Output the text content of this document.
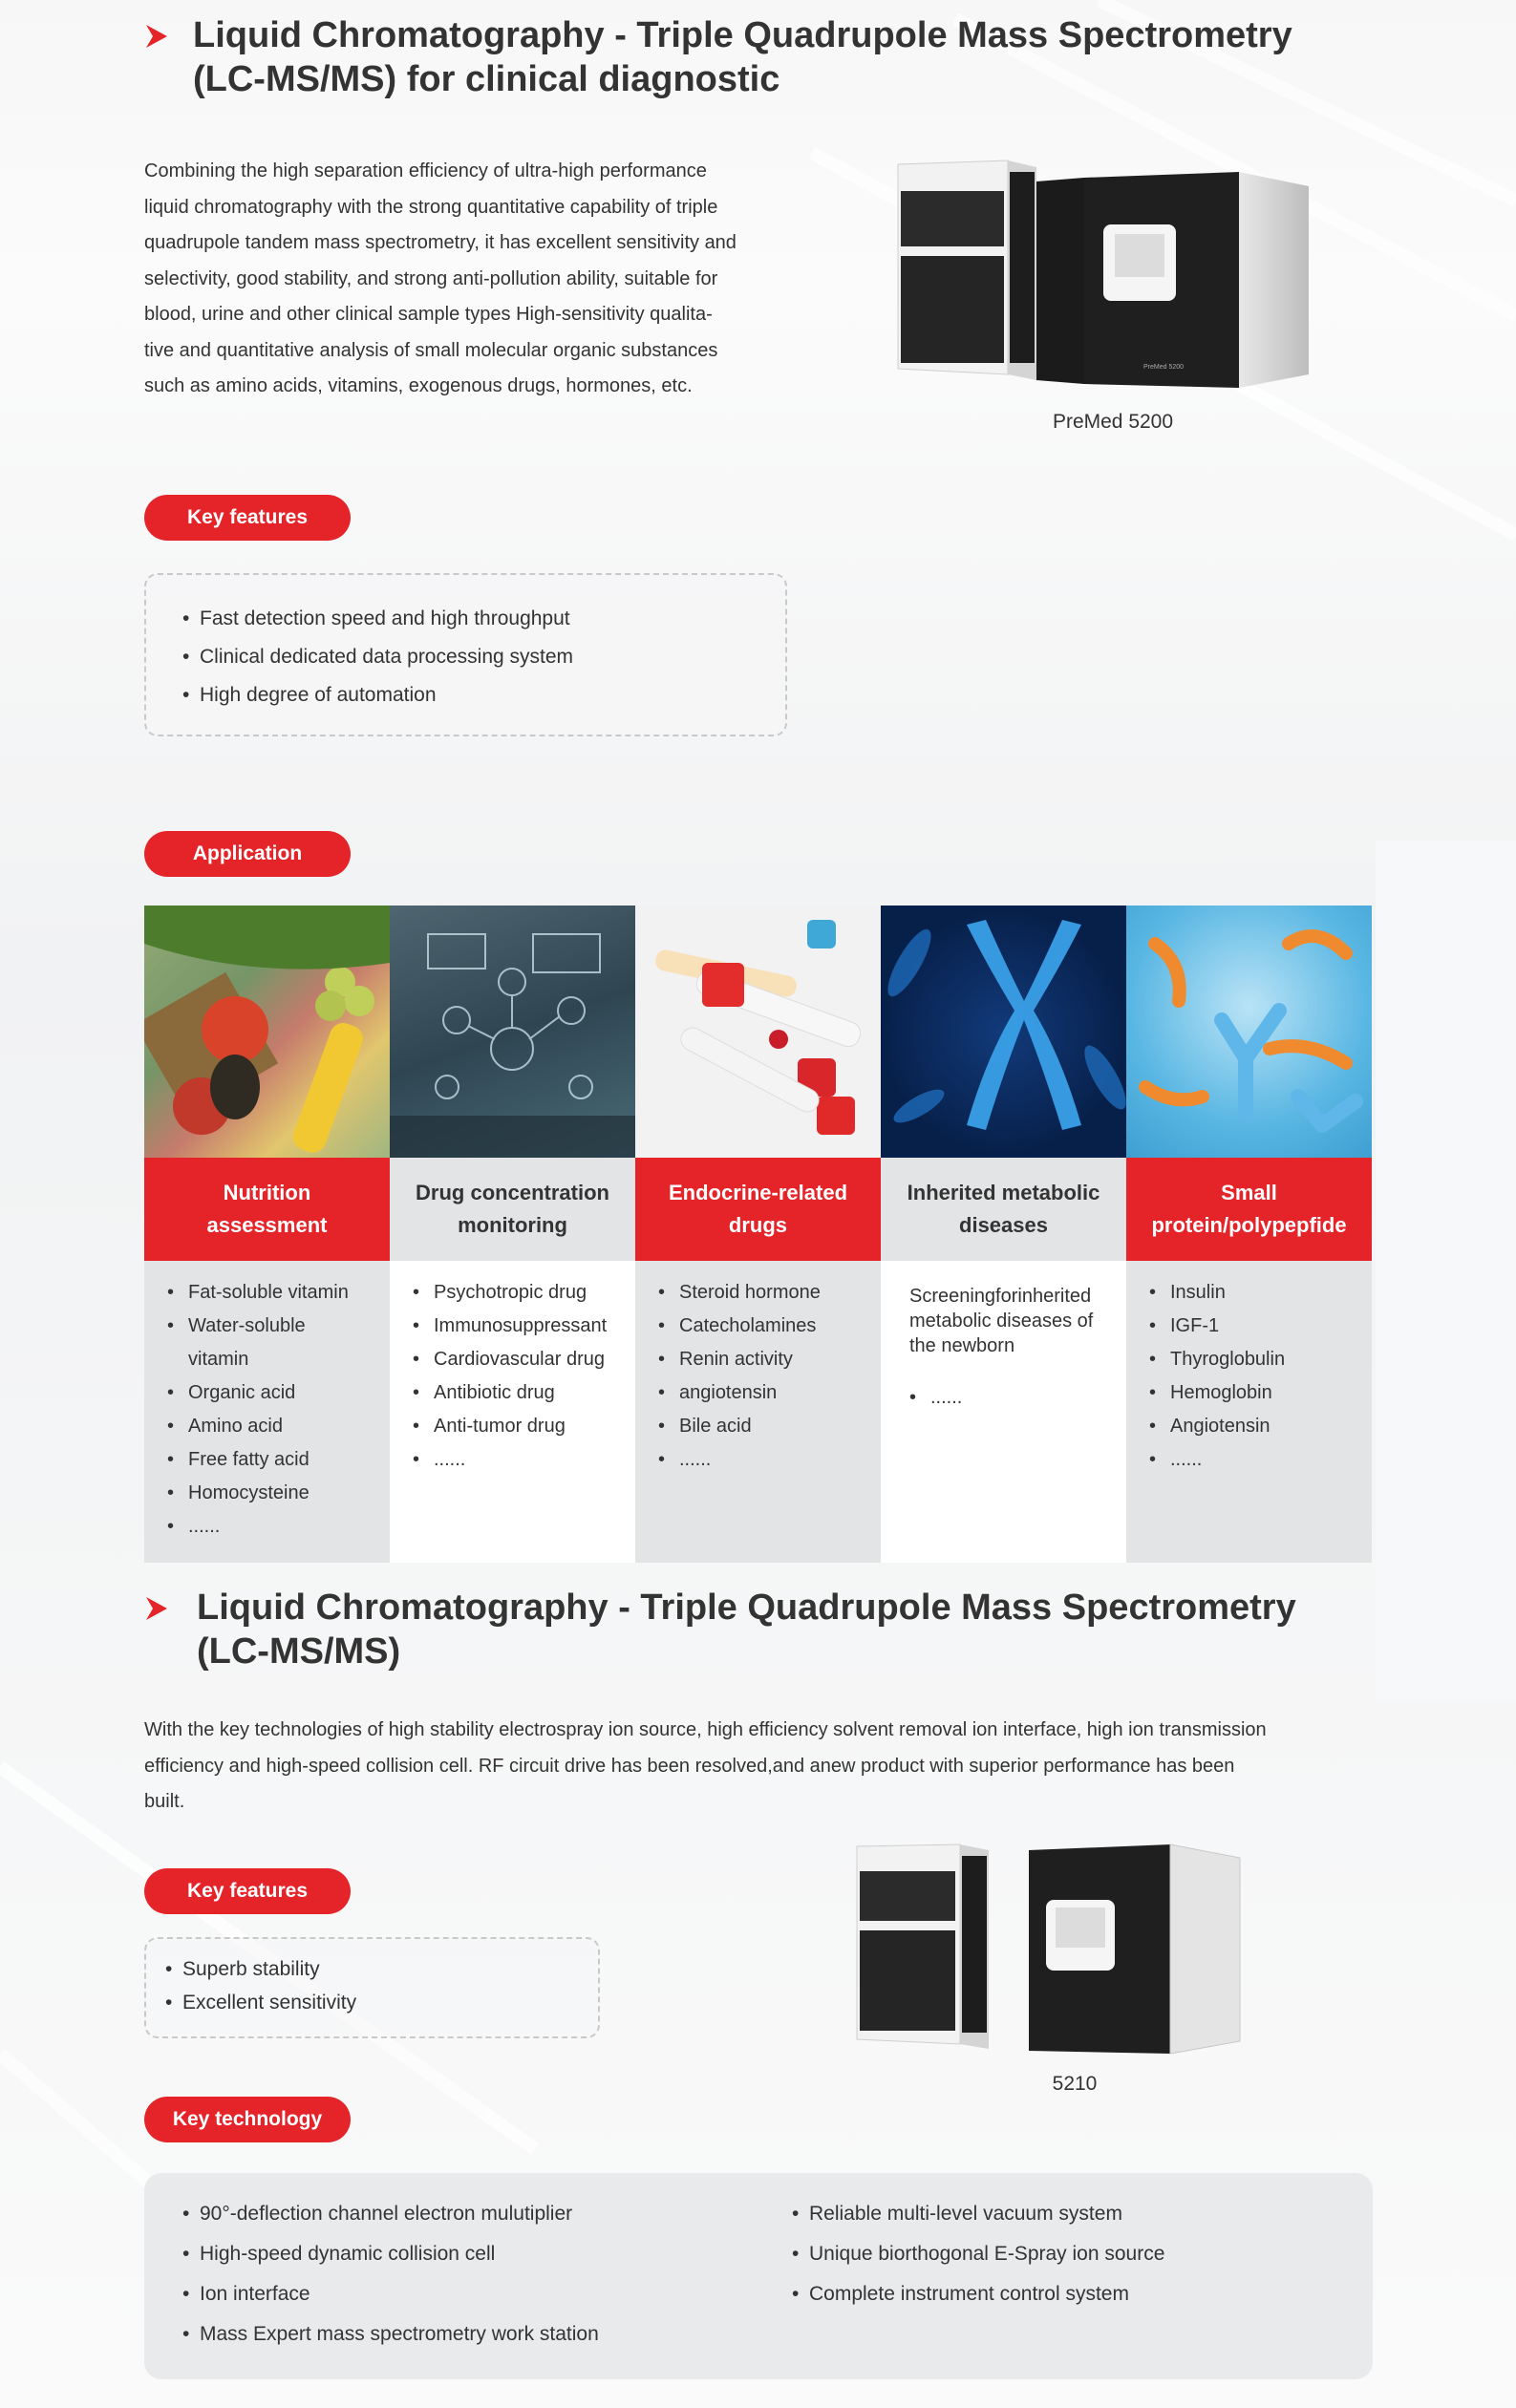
Liquid Chromatography - Triple Quadrupole Mass Spectrometry
(LC-MS/MS) for clinical diagnostic
Combining the high separation efficiency of ultra-high performance
liquid chromatography with the strong quantitative capability of triple
quadrupole tandem mass spectrometry, it has excellent sensitivity and
selectivity, good stability, and strong anti-pollution ability, suitable for
blood, urine and other clinical sample types High-sensitivity qualita-
tive and quantitative analysis of small molecular organic substances
such as amino acids, vitamins, exogenous drugs, hormones, etc.
PreMed 5200
PreMed 5200
Key features
• Fast detection speed and high throughput
• Clinical dedicated data processing system
• High degree of automation
Application
Nutrition
assessment
• Fat-soluble vitamin
• Water-soluble
vitamin
• Organic acid
• Amino acid
• Free fatty acid
• Homocysteine
• ......
Drug concentration
monitoring
• Psychotropic drug
• Immunosuppressant
• Cardiovascular drug
• Antibiotic drug
• Anti-tumor drug
• ......
Endocrine-related
drugs
• Steroid hormone
• Catecholamines
• Renin activity
• angiotensin
• Bile acid
• ......
Inherited metabolic
diseases
Screeningforinherited
metabolic diseases of
the newborn
• ......
Small
protein/polypepfide
• Insulin
• IGF-1
• Thyroglobulin
• Hemoglobin
• Angiotensin
• ......
Liquid Chromatography - Triple Quadrupole Mass Spectrometry
(LC-MS/MS)
With the key technologies of high stability electrospray ion source, high efficiency solvent removal ion interface, high ion transmission
efficiency and high-speed collision cell. RF circuit drive has been resolved,and anew product with superior performance has been
built.
Key features
• Superb stability
• Excellent sensitivity
5210
Key technology
• 90°-deflection channel electron mulutiplier
• High-speed dynamic collision cell
• Ion interface
• Mass Expert mass spectrometry work station
• Reliable multi-level vacuum system
• Unique biorthogonal E-Spray ion source
• Complete instrument control system
